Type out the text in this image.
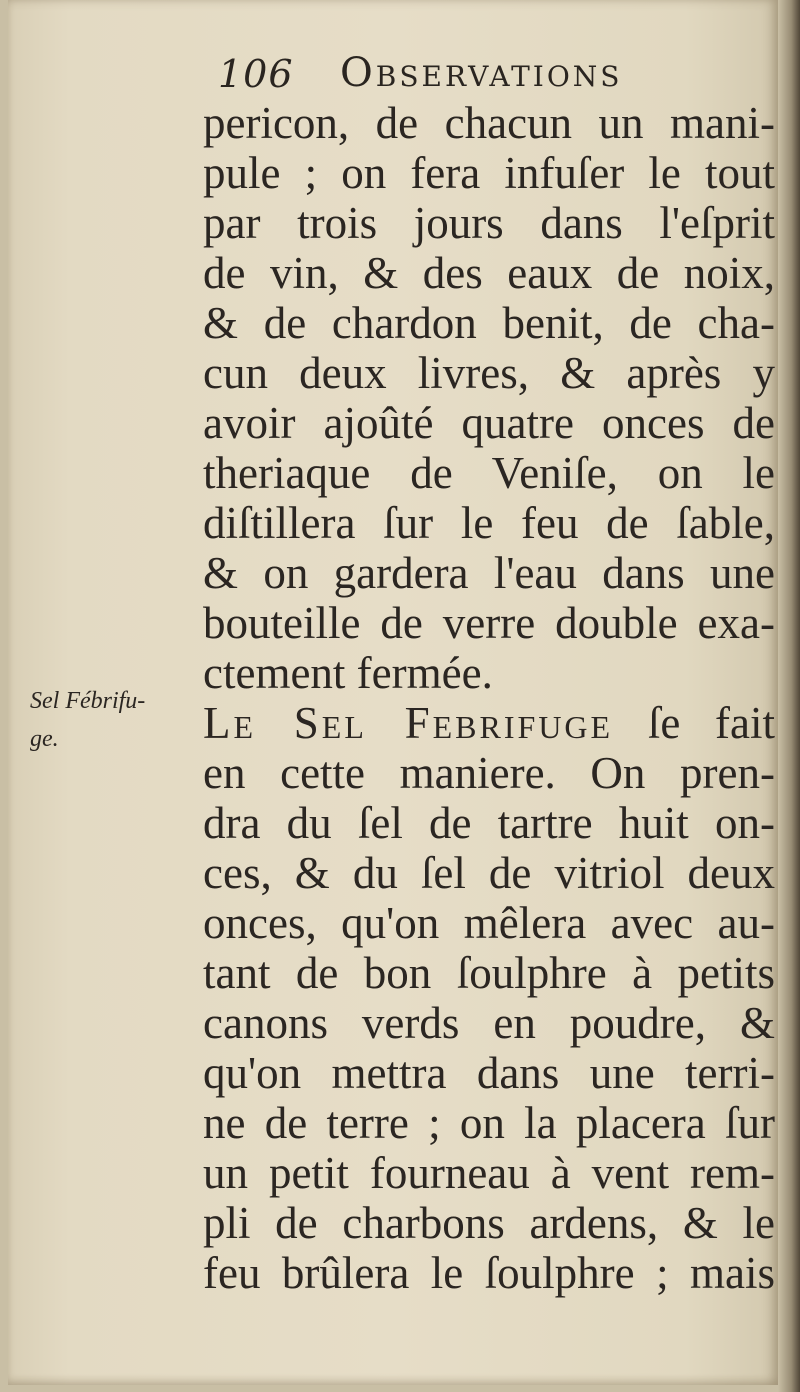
106 Observations
Sel Fébrifu-
ge.
pericon, de chacun un mani-
pule ; on fera infuſer le tout
par trois jours dans l'eſprit
de vin, & des eaux de noix,
& de chardon benit, de cha-
cun deux livres, & après y
avoir ajoûté quatre onces de
theriaque de Veniſe, on le
diſtillera ſur le feu de ſable,
& on gardera l'eau dans une
bouteille de verre double exa-
ctement fermée.
Le Sel Febrifuge ſe fait
en cette maniere. On pren-
dra du ſel de tartre huit on-
ces, & du ſel de vitriol deux
onces, qu'on mêlera avec au-
tant de bon ſoulphre à petits
canons verds en poudre, &
qu'on mettra dans une terri-
ne de terre ; on la placera ſur
un petit fourneau à vent rem-
pli de charbons ardens, & le
feu brûlera le ſoulphre ; mais
